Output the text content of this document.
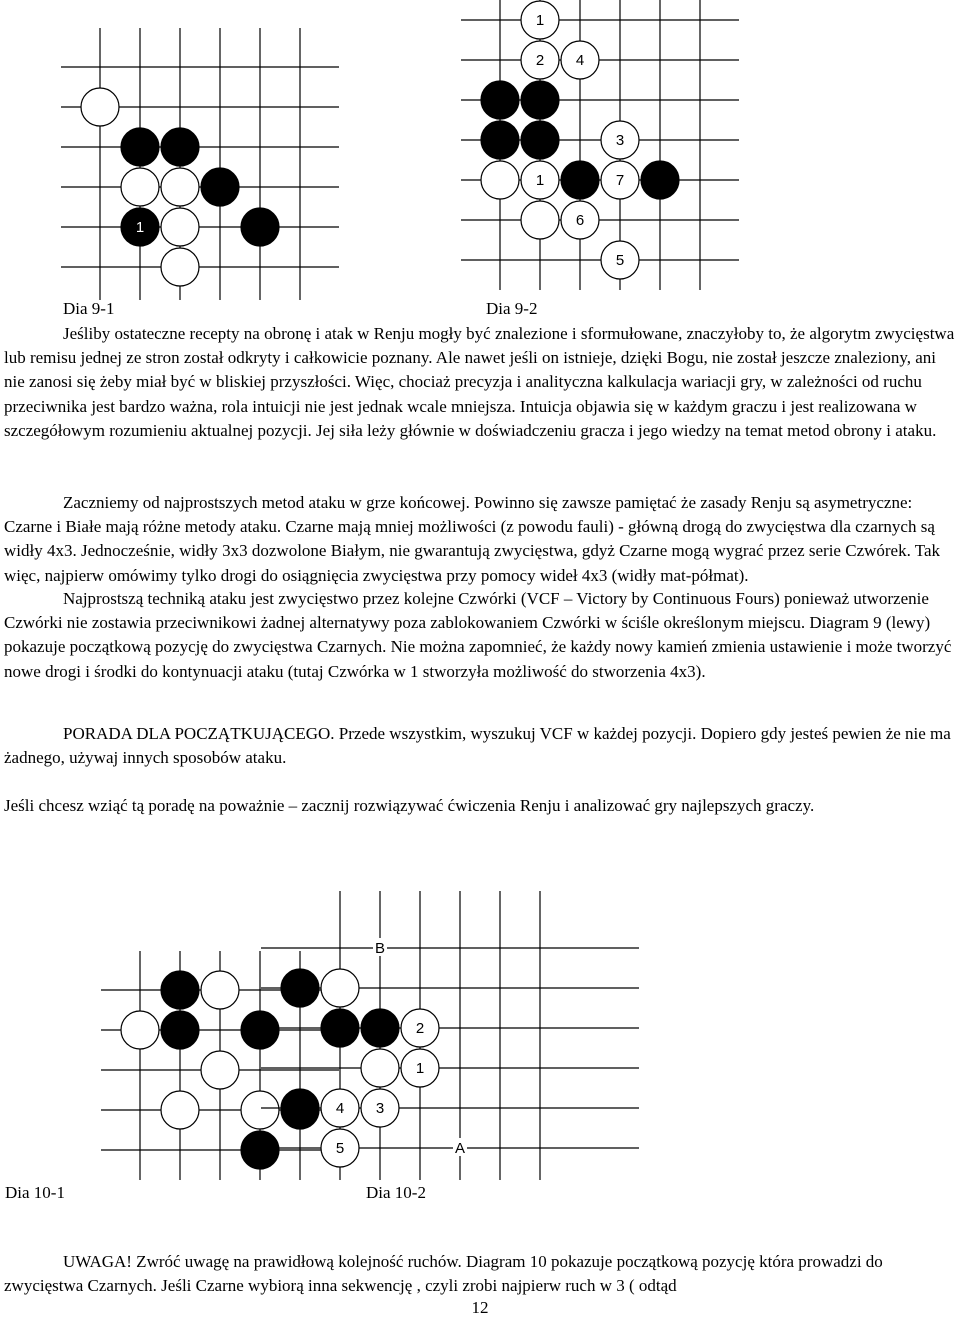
1
1
2 4
3
1	7
6
5
Dia 9-1	Dia 9-2

Jeśliby ostateczne recepty na obronę i atak w Renju mogły być znalezione i sformułowane, znaczyłoby to, że algorytm zwycięstwa lub remisu jednej ze stron został odkryty i całkowicie poznany. Ale nawet jeśli on istnieje, dzięki Bogu, nie został jeszcze znaleziony, ani nie zanosi się żeby miał być w bliskiej przyszłości. Więc, chociaż precyzja i analityczna kalkulacja wariacji gry, w zależności od ruchu przeciwnika jest bardzo ważna, rola intuicji nie jest jednak wcale mniejsza. Intuicja objawia się w każdym graczu i jest realizowana w szczegółowym rozumieniu aktualnej pozycji. Jej siła leży głównie w doświadczeniu gracza i jego wiedzy na temat metod obrony i ataku.

Zaczniemy od najprostszych metod ataku w grze końcowej. Powinno się zawsze pamiętać że zasady Renju są asymetryczne: Czarne i Białe mają różne metody ataku. Czarne mają mniej możliwości (z powodu fauli) - główną drogą do zwycięstwa dla czarnych są widły 4x3. Jednocześnie, widły 3x3 dozwolone Białym, nie gwarantują zwycięstwa, gdyż Czarne mogą wygrać przez serie Czwórek. Tak więc, najpierw omówimy tylko drogi do osiągnięcia zwycięstwa przy pomocy wideł 4x3 (widły mat-półmat).

Najprostszą techniką ataku jest zwycięstwo przez kolejne Czwórki (VCF – Victory by Continuous Fours) ponieważ utworzenie Czwórki nie zostawia przeciwnikowi żadnej alternatywy poza zablokowaniem Czwórki w ściśle określonym miejscu. Diagram 9 (lewy) pokazuje początkową pozycję do zwycięstwa Czarnych. Nie można zapomnieć, że każdy nowy kamień zmienia ustawienie i może tworzyć nowe drogi i środki do kontynuacji ataku (tutaj Czwórka w 1 stworzyła możliwość do stworzenia 4x3).

PORADA DLA POCZĄTKUJĄCEGO. Przede wszystkim, wyszukuj VCF w każdej pozycji. Dopiero gdy jesteś pewien że nie ma żadnego, używaj innych sposobów ataku.

Jeśli chcesz wziąć tą poradę na poważnie – zacznij rozwiązywać ćwiczenia Renju i analizować gry najlepszych graczy.

B
2
1
4 3
5	A
Dia 10-1	Dia 10-2

UWAGA! Zwróć uwagę na prawidłową kolejność ruchów. Diagram 10 pokazuje początkową pozycję która prowadzi do zwycięstwa Czarnych. Jeśli Czarne wybiorą inna sekwencję , czyli zrobi najpierw ruch w 3 ( odtąd

12
